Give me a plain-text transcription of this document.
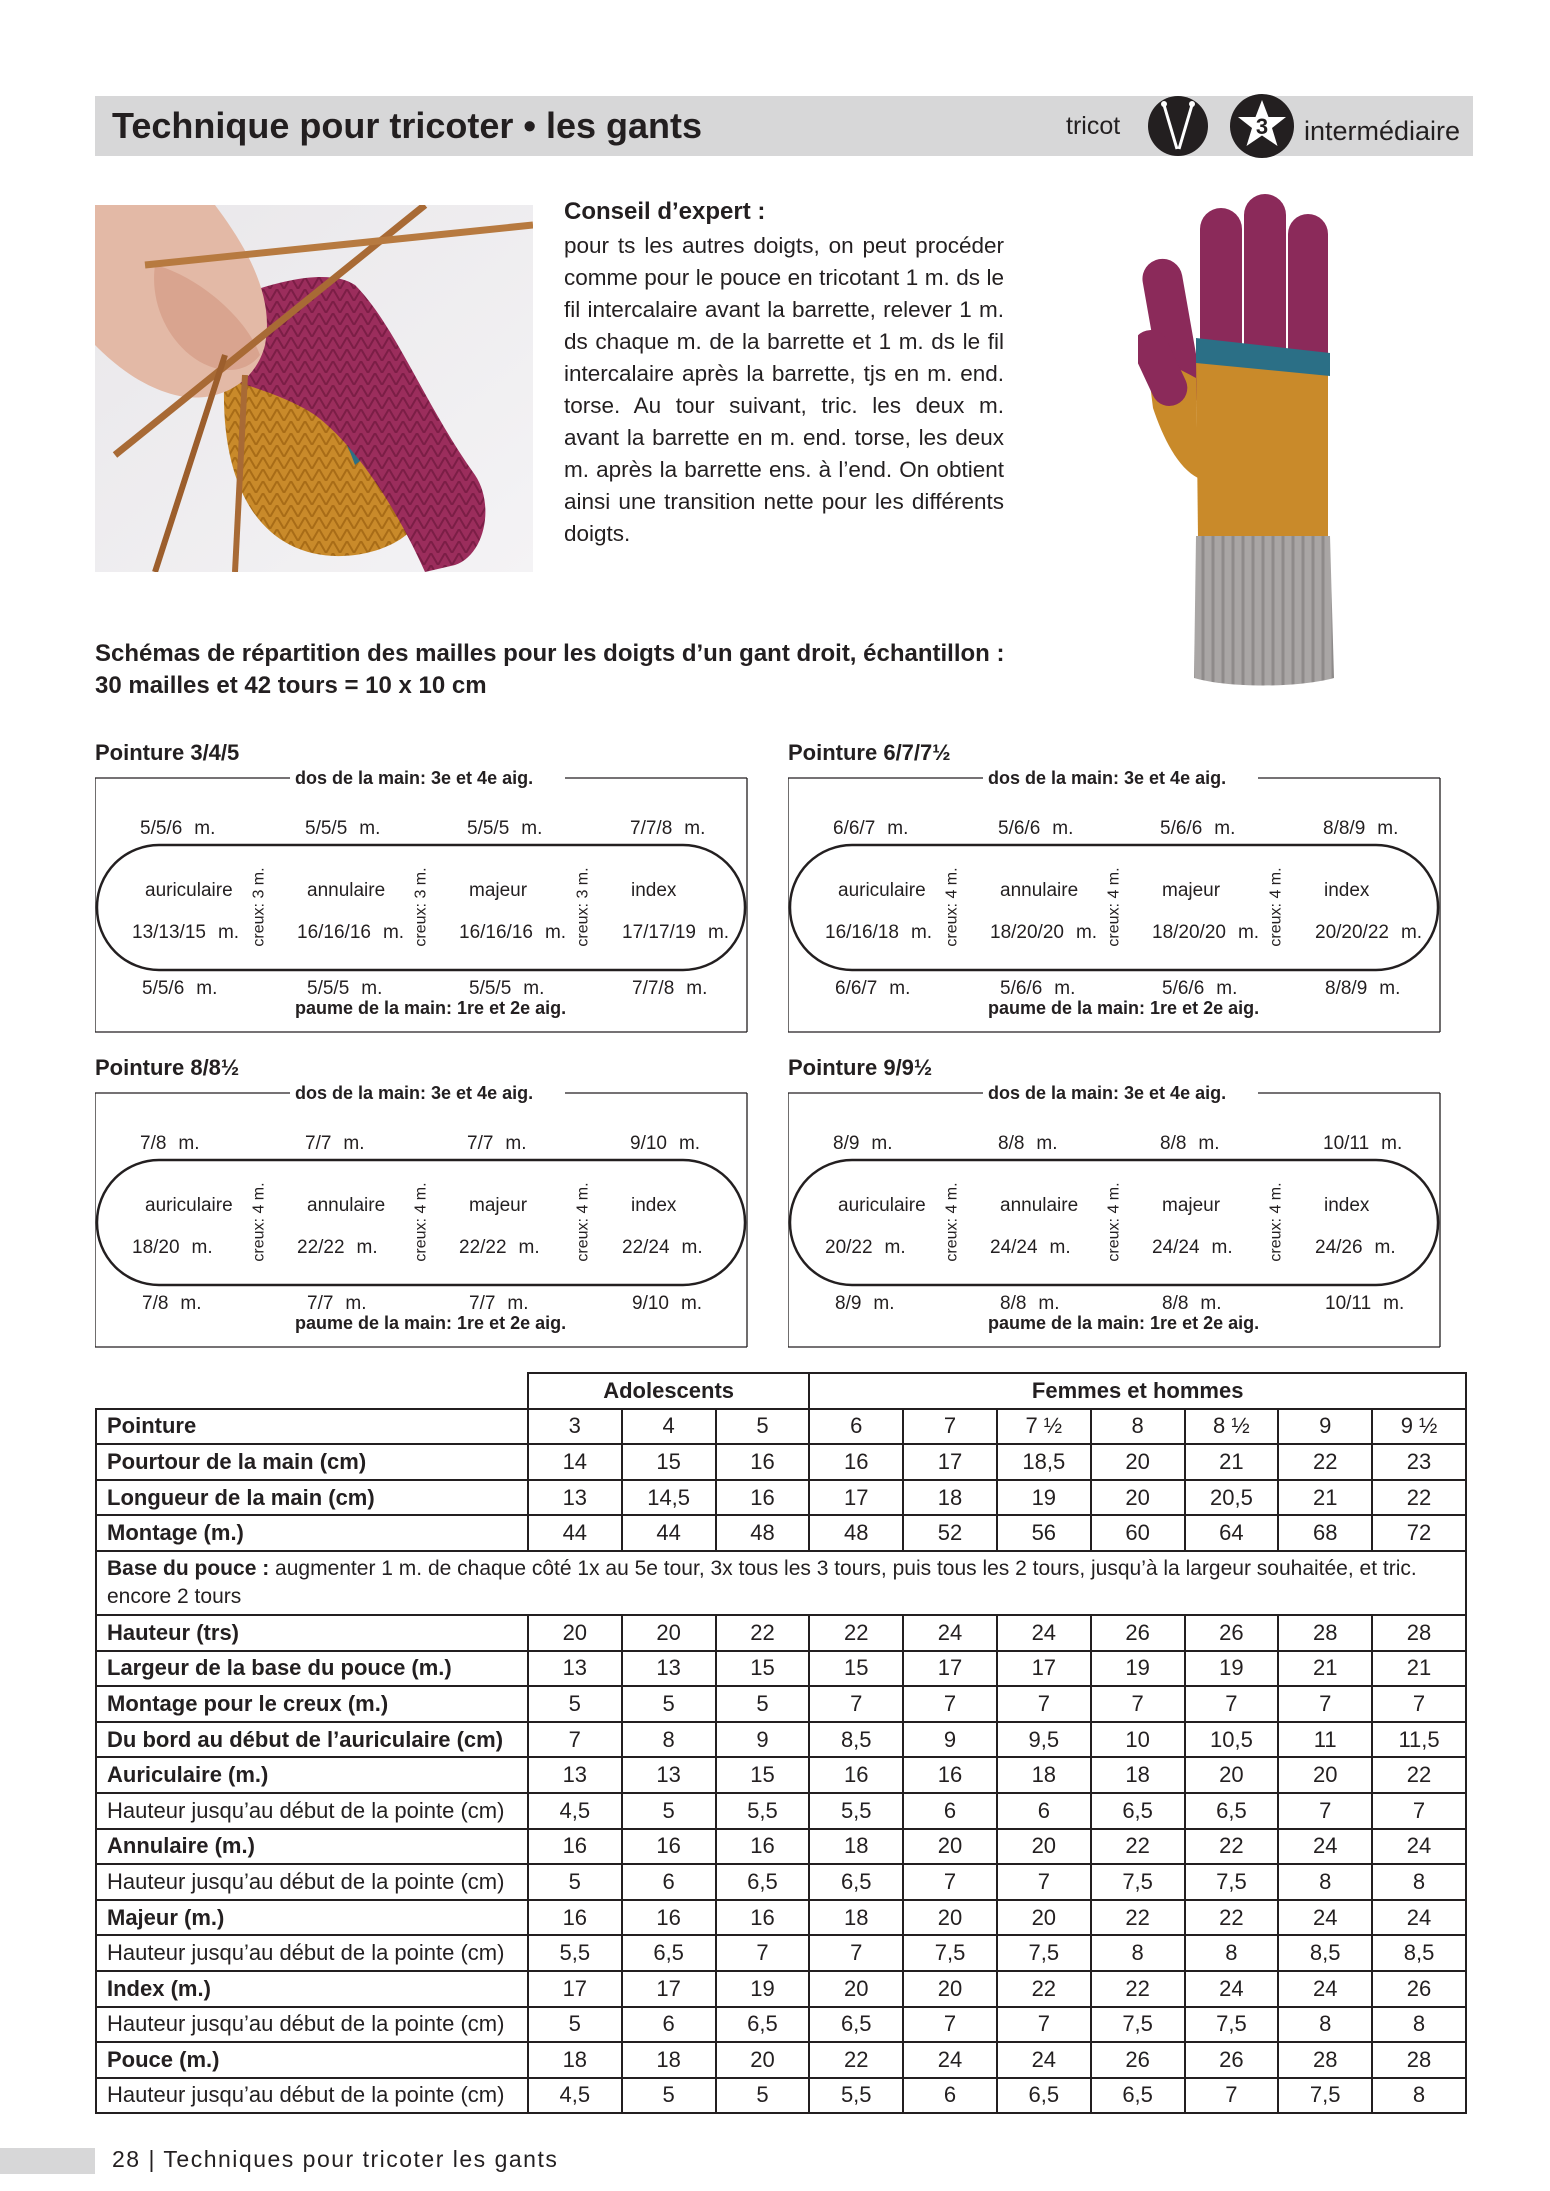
Technique pour tricoter • les gants	tricot	3 intermédiaire
Conseil d’expert :
pour ts les autres doigts, on peut procéder comme pour le pouce en tricotant 1 m. ds le fil intercalaire avant la barrette, relever 1 m. ds chaque m. de la barrette et 1 m. ds le fil intercalaire après la barrette, tjs en m. end. torse. Au tour suivant, tric. les deux m. avant la barrette en m. end. torse, les deux m. après la barrette ens. à l’end. On obtient ainsi une transition nette pour les différents doigts.
Schémas de répartition des mailles pour les doigts d’un gant droit, échantillon :
30 mailles et 42 tours = 10 x 10 cm
Pointure 3/4/5
dos de la main: 3e et 4e aig.
paume de la main: 1re et 2e aig.
5/5/6 m.
5/5/6 m.
13/13/15 m.
auriculaire
5/5/5 m.
5/5/5 m.
16/16/16 m.
annulaire
5/5/5 m.
5/5/5 m.
16/16/16 m.
majeur
7/7/8 m.
7/7/8 m.
17/17/19 m.
index
creux: 3 m.	creux: 3 m.	creux: 3 m.
Pointure 6/7/7½
dos de la main: 3e et 4e aig.
paume de la main: 1re et 2e aig.
6/6/7 m.
6/6/7 m.
16/16/18 m.
auriculaire
5/6/6 m.
5/6/6 m.
18/20/20 m.
annulaire
5/6/6 m.
5/6/6 m.
18/20/20 m.
majeur
8/8/9 m.
8/8/9 m.
20/20/22 m.
index
creux: 4 m.	creux: 4 m.	creux: 4 m.
Pointure 8/8½
dos de la main: 3e et 4e aig.
paume de la main: 1re et 2e aig.
7/8 m.
7/8 m.
18/20 m.
auriculaire
7/7 m.
7/7 m.
22/22 m.
annulaire
7/7 m.
7/7 m.
22/22 m.
majeur
9/10 m.
9/10 m.
22/24 m.
index
creux: 4 m.	creux: 4 m.	creux: 4 m.
Pointure 9/9½
dos de la main: 3e et 4e aig.
paume de la main: 1re et 2e aig.
8/9 m.
8/9 m.
20/22 m.
auriculaire
8/8 m.
8/8 m.
24/24 m.
annulaire
8/8 m.
8/8 m.
24/24 m.
majeur
10/11 m.
10/11 m.
24/26 m.
index
creux: 4 m.	creux: 4 m.	creux: 4 m.
	Adolescents			Femmes et hommes						
Pointure	3	4	5	6	7	7 ½	8	8 ½	9	9 ½
Pourtour de la main (cm)	14	15	16	16	17	18,5	20	21	22	23
Longueur de la main (cm)	13	14,5	16	17	18	19	20	20,5	21	22
Montage (m.)	44	44	48	48	52	56	60	64	68	72
Base du pouce : augmenter 1 m. de chaque côté 1x au 5e tour, 3x tous les 3 tours, puis tous les 2 tours, jusqu’à la largeur souhaitée, et tric. encore 2 tours										
Hauteur (trs)	20	20	22	22	24	24	26	26	28	28
Largeur de la base du pouce (m.)	13	13	15	15	17	17	19	19	21	21
Montage pour le creux (m.)	5	5	5	7	7	7	7	7	7	7
Du bord au début de l’auriculaire (cm)	7	8	9	8,5	9	9,5	10	10,5	11	11,5
Auriculaire (m.)	13	13	15	16	16	18	18	20	20	22
Hauteur jusqu’au début de la pointe (cm)	4,5	5	5,5	5,5	6	6	6,5	6,5	7	7
Annulaire (m.)	16	16	16	18	20	20	22	22	24	24
Hauteur jusqu’au début de la pointe (cm)	5	6	6,5	6,5	7	7	7,5	7,5	8	8
Majeur (m.)	16	16	16	18	20	20	22	22	24	24
Hauteur jusqu’au début de la pointe (cm)	5,5	6,5	7	7	7,5	7,5	8	8	8,5	8,5
Index (m.)	17	17	19	20	20	22	22	24	24	26
Hauteur jusqu’au début de la pointe (cm)	5	6	6,5	6,5	7	7	7,5	7,5	8	8
Pouce (m.)	18	18	20	22	24	24	26	26	28	28
Hauteur jusqu’au début de la pointe (cm)	4,5	5	5	5,5	6	6,5	6,5	7	7,5	8
28 | Techniques pour tricoter les gants
